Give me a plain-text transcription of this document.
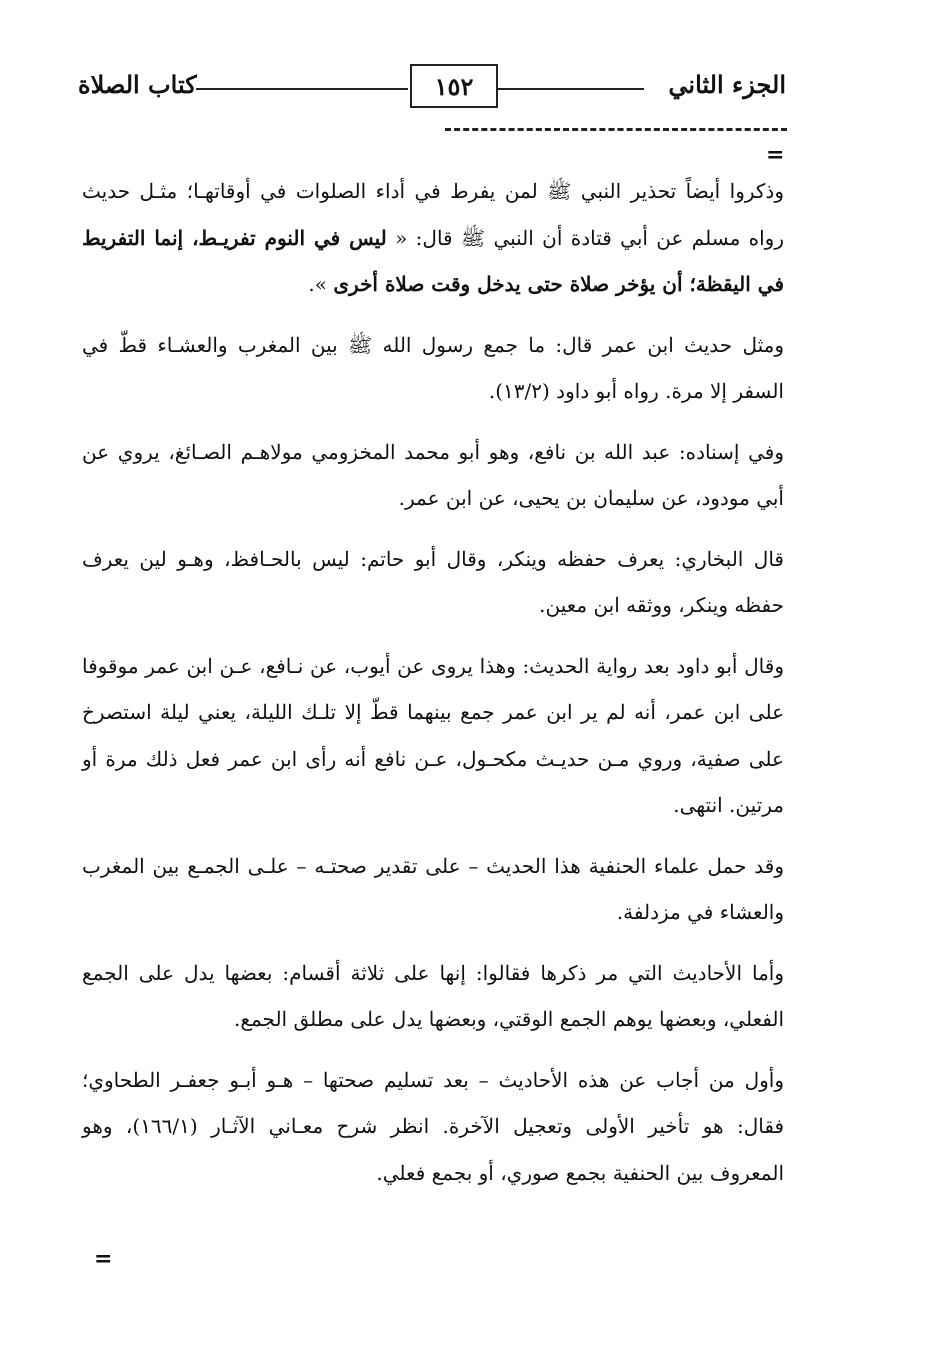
الجزء الثاني
١٥٢
كتاب الصلاة
=

وذكروا أيضاً تحذير النبي ﷺ لمن يفرط في أداء الصلوات في أوقاتهـا؛ مثـل حديث رواه مسلم عن أبي قتادة أن النبي ﷺ قال: « ليس في النوم تفريـط، إنما التفريط في اليقظة؛ أن يؤخر صلاة حتى يدخل وقت صلاة أخرى ».

ومثل حديث ابن عمر قال: ما جمع رسول الله ﷺ بين المغرب والعشـاء قطّ في السفر إلا مرة. رواه أبو داود (١٣/٢).

وفي إسناده: عبد الله بن نافع، وهو أبو محمد المخزومي مولاهـم الصـائغ، يروي عن أبي مودود، عن سليمان بن يحيى، عن ابن عمر.

قال البخاري: يعرف حفظه وينكر، وقال أبو حاتم: ليس بالحـافظ، وهـو لين يعرف حفظه وينكر، ووثقه ابن معين.

وقال أبو داود بعد رواية الحديث: وهذا يروى عن أيوب، عن نـافع، عـن ابن عمر موقوفا على ابن عمر، أنه لم ير ابن عمر جمع بينهما قطّ إلا تلـك الليلة، يعني ليلة استصرخ على صفية، وروي مـن حديـث مكحـول، عـن نافع أنه رأى ابن عمر فعل ذلك مرة أو مرتين. انتهى.

وقد حمل علماء الحنفية هذا الحديث – على تقدير صحتـه – علـى الجمـع بين المغرب والعشاء في مزدلفة.

وأما الأحاديث التي مر ذكرها فقالوا: إنها على ثلاثة أقسام: بعضها يدل على الجمع الفعلي، وبعضها يوهم الجمع الوقتي، وبعضها يدل على مطلق الجمع.

وأول من أجاب عن هذه الأحاديث – بعد تسليم صحتها – هـو أبـو جعفـر الطحاوي؛ فقال: هو تأخير الأولى وتعجيل الآخرة. انظر شرح معـاني الآثـار (١٦٦/١)، وهو المعروف بين الحنفية بجمع صوري، أو بجمع فعلي.

=
